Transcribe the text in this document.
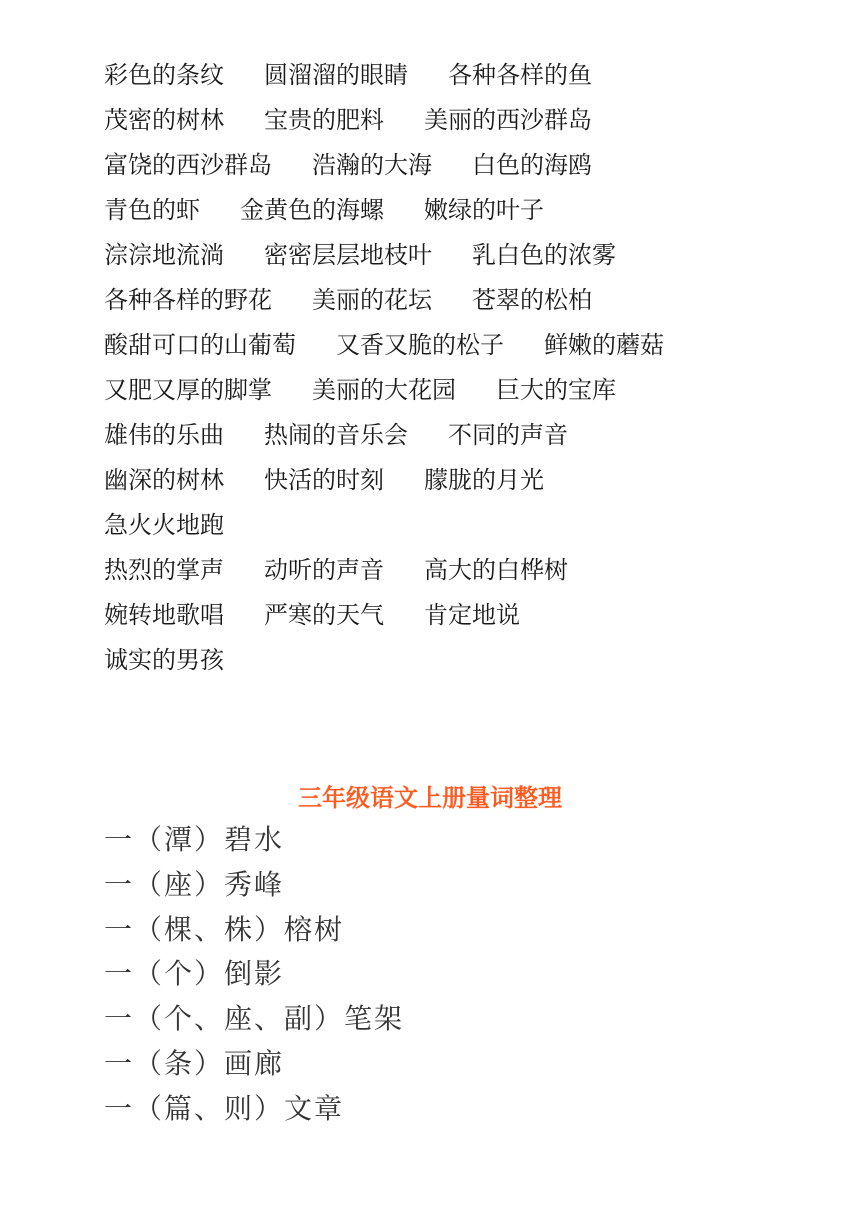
彩色的条纹 圆溜溜的眼睛 各种各样的鱼
茂密的树林 宝贵的肥料 美丽的西沙群岛
富饶的西沙群岛 浩瀚的大海 白色的海鸥
青色的虾 金黄色的海螺 嫩绿的叶子
淙淙地流淌 密密层层地枝叶 乳白色的浓雾
各种各样的野花 美丽的花坛 苍翠的松柏
酸甜可口的山葡萄 又香又脆的松子 鲜嫩的蘑菇
又肥又厚的脚掌 美丽的大花园 巨大的宝库
雄伟的乐曲 热闹的音乐会 不同的声音
幽深的树林 快活的时刻 朦胧的月光
急火火地跑
热烈的掌声 动听的声音 高大的白桦树
婉转地歌唱 严寒的天气 肯定地说
诚实的男孩
三年级语文上册量词整理
一（潭）碧水
一（座）秀峰
一（棵、株）榕树
一（个）倒影
一（个、座、副）笔架
一（条）画廊
一（篇、则）文章
